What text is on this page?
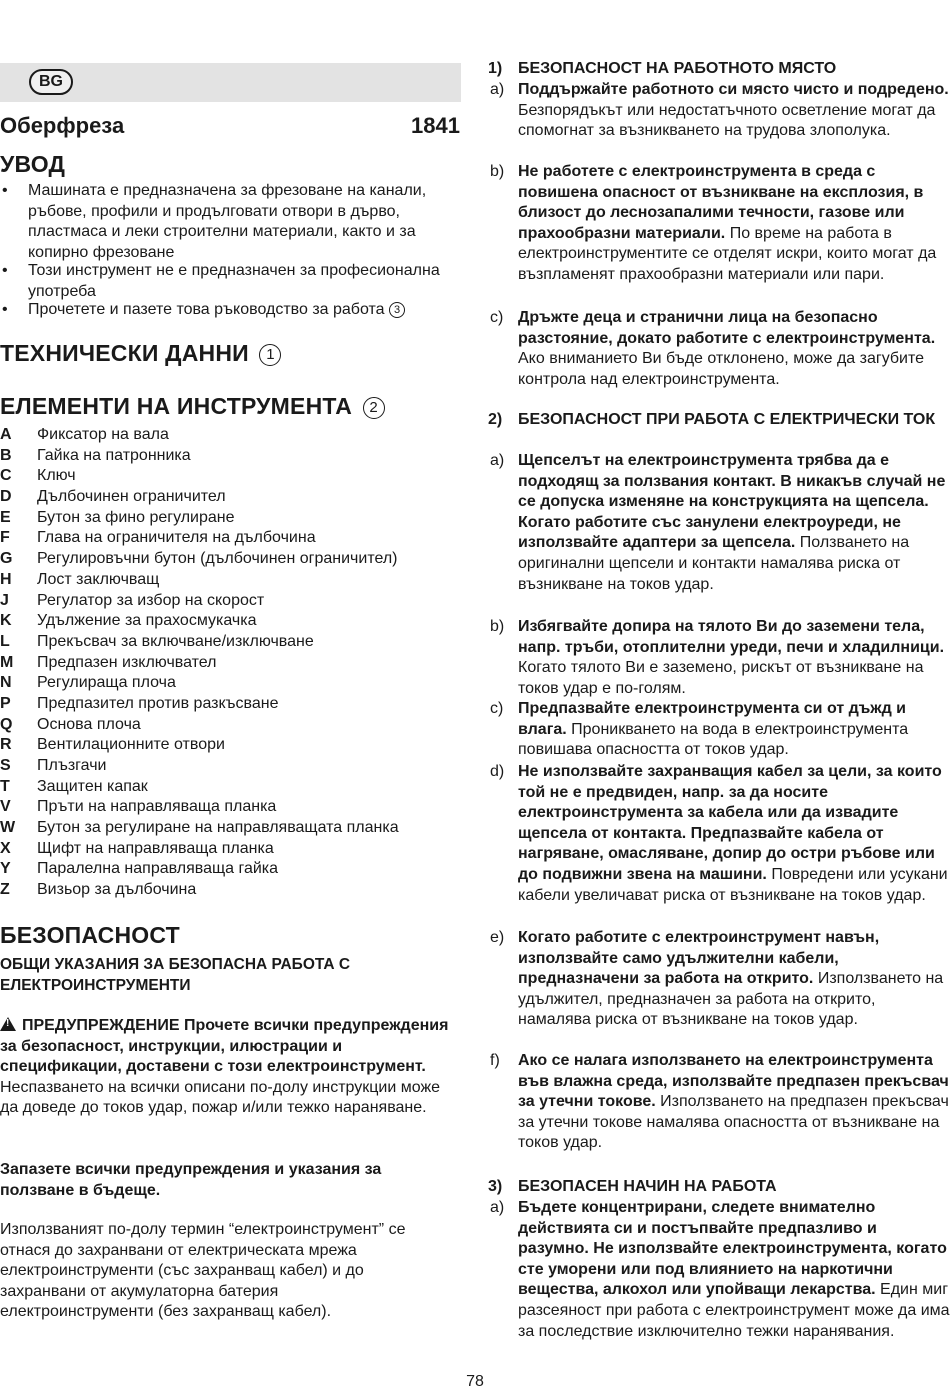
BG
Оберфреза	1841
УВОД
• Машината е предназначена за фрезоване на канали, ръбове, профили и продълговати отвори в дърво, пластмаса и леки строителни материали, както и за копирно фрезоване
• Този инструмент не е предназначен за професионална употреба
• Прочетете и пазете това ръководство за работа 3
ТЕХНИЧЕСКИ ДАННИ 1
ЕЛЕМЕНТИ НА ИНСТРУМЕНТА 2
A Фиксатор на вала
B Гайка на патронника
C Ключ
D Дълбочинен ограничител
E Бутон за фино регулиране
F Глава на ограничителя на дълбочина
G Регулировъчни бутон (дълбочинен ограничител)
H Лост заключващ
J Регулатор за избор на скорост
K Удължение за прахосмукачка
L Прекъсвач за включване/изключване
M Предпазен изключвател
N Регулираща плоча
P Предпазител против разкъсване
Q Основа плоча
R Вентилационните отвори
S Плъзгачи
T Защитен капак
V Пръти на направляваща планка
W Бутон за регулиране на направляващата планка
X Щифт на направляваща планка
Y Паралелна направляваща гайка
Z Визьор за дълбочина
БЕЗОПАСНОСТ
ОБЩИ УКАЗАНИЯ ЗА БЕЗОПАСНА РАБОТА С ЕЛЕКТРОИНСТРУМЕНТИ
!ПРЕДУПРЕЖДЕНИЕ Прочете всички предупреждения за безопасност, инструкции, илюстрации и спецификации, доставени с този електроинструмент. Неспазването на всички описани по-долу инструкции може да доведе до токов удар, пожар и/или тежко нараняване.
Запазете всички предупреждения и указания за ползване в бъдеще.
Използваният по-долу термин “електроинструмент” се отнася до захранвани от електрическата мрежа електроинструменти (със захранващ кабел) и до захранвани от акумулаторна батерия електроинструменти (без захранващ кабел).
1) БЕЗОПАСНОСТ НА РАБОТНОТО МЯСТО
a) Поддържайте работното си място чисто и подредено. Безпорядъкът или недостатъчното осветление могат да спомогнат за възникването на трудова злополука.
b) Не работете с електроинструмента в среда с повишена опасност от възникване на експлозия, в близост до леснозапалими течности, газове или прахообразни материали. По време на работа в електроинструментите се отделят искри, които могат да възпламенят прахообразни материали или пари.
c) Дръжте деца и странични лица на безопасно разстояние, докато работите с електроинструмента. Ако вниманието Ви бъде отклонено, може да загубите контрола над електроинструмента.
2) БЕЗОПАСНОСТ ПРИ РАБОТА С ЕЛЕКТРИЧЕСКИ ТОК
a) Щепселът на електроинструмента трябва да е подходящ за ползвания контакт. В никакъв случай не се допуска изменяне на конструкцията на щепсела. Когато работите със занулени електроуреди, не използвайте адаптери за щепсела. Ползването на оригинални щепсели и контакти намалява риска от възникване на токов удар.
b) Избягвайте допира на тялото Ви до заземени тела, напр. тръби, отоплителни уреди, печи и хладилници. Когато тялото Ви е заземено, рискът от възникване на токов удар е по-голям.
c) Предпазвайте електроинструмента си от дъжд и влага. Проникването на вода в електроинструмента повишава опасността от токов удар.
d) Не използвайте захранващия кабел за цели, за които той не е предвиден, напр. за да носите електроинструмента за кабела или да извадите щепсела от контакта. Предпазвайте кабела от нагряване, омасляване, допир до остри ръбове или до подвижни звена на машини. Повредени или усукани кабели увеличават риска от възникване на токов удар.
e) Когато работите с електроинструмент навън, използвайте само удължителни кабели, предназначени за работа на открито. Използването на удължител, предназначен за работа на открито, намалява риска от възникване на токов удар.
f) Ако се налага използването на електроинструмента във влажна среда, използвайте предпазен прекъсвач за утечни токове. Използването на предпазен прекъсвач за утечни токове намалява опасността от възникване на токов удар.
3) БЕЗОПАСЕН НАЧИН НА РАБОТА
a) Бъдете концентрирани, следете внимателно действията си и постъпвайте предпазливо и разумно. Не използвайте електроинструмента, когато сте уморени или под влиянието на наркотични вещества, алкохол или упойващи лекарства. Един миг разсеяност при работа с електроинструмент може да има за последствие изключително тежки наранявания.
78
